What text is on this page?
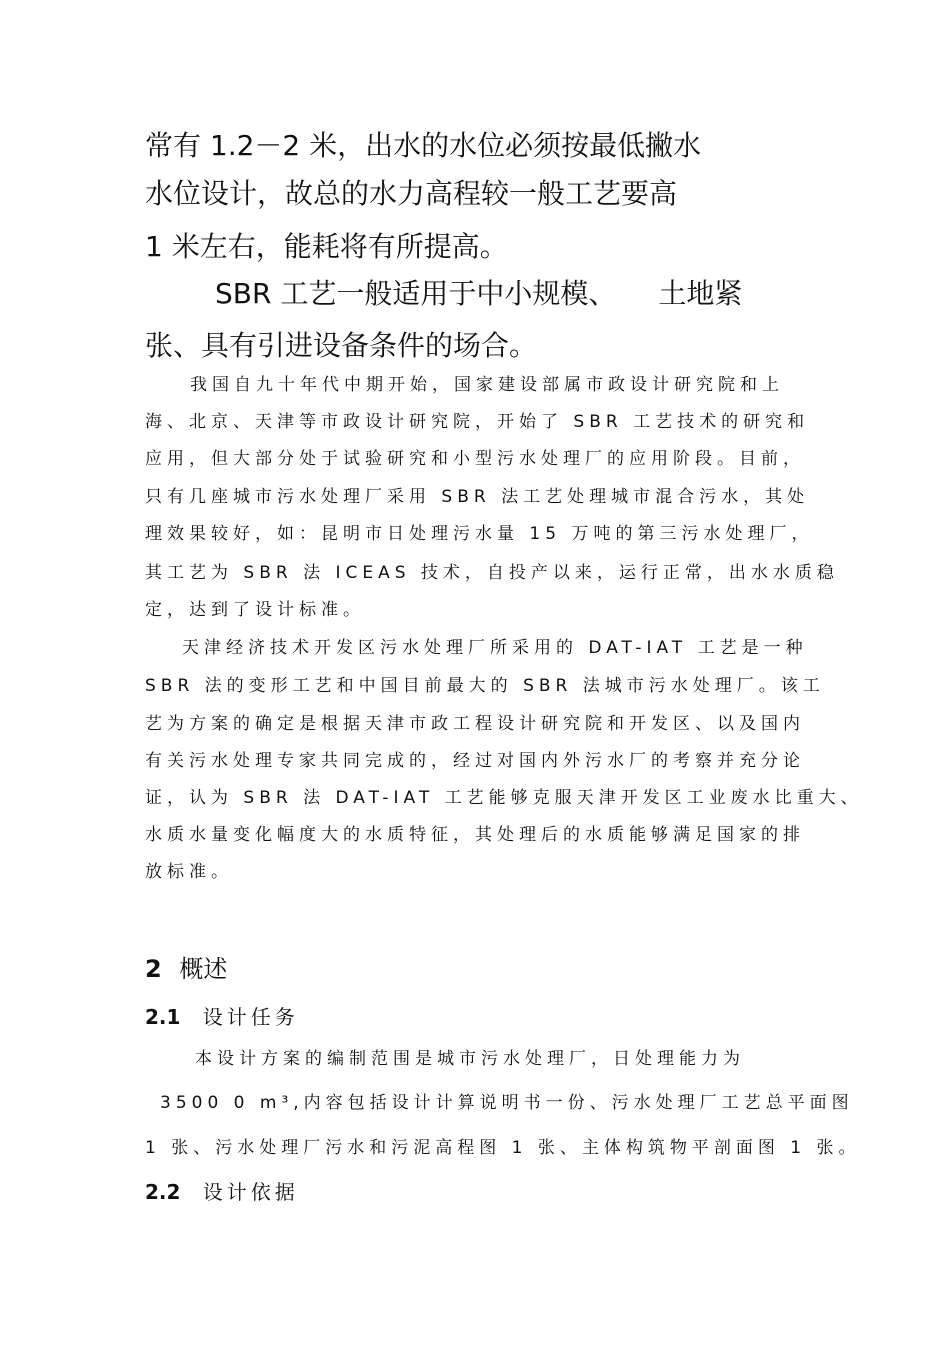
常有 1.2－2 米，出水的水位必须按最低撇水
水位设计，故总的水力高程较一般工艺要高
1 米左右，能耗将有所提高。
SBR 工艺一般适用于中小规模、　　土地紧
张、具有引进设备条件的场合。
我国自九十年代中期开始，国家建设部属市政设计研究院和上
海、北京、天津等市政设计研究院，开始了 SBR 工艺技术的研究和
应用，但大部分处于试验研究和小型污水处理厂的应用阶段。目前，
只有几座城市污水处理厂采用 SBR 法工艺处理城市混合污水，其处
理效果较好，如：昆明市日处理污水量 15 万吨的第三污水处理厂，
其工艺为 SBR 法 ICEAS 技术，自投产以来，运行正常，出水水质稳
定，达到了设计标准。
天津经济技术开发区污水处理厂所采用的 DAT-IAT 工艺是一种
SBR 法的变形工艺和中国目前最大的 SBR 法城市污水处理厂。该工
艺为方案的确定是根据天津市政工程设计研究院和开发区、以及国内
有关污水处理专家共同完成的，经过对国内外污水厂的考察并充分论
证，认为 SBR 法 DAT-IAT 工艺能够克服天津开发区工业废水比重大、
水质水量变化幅度大的水质特征，其处理后的水质能够满足国家的排
放标准。
2 概述
2.1 设计任务
本设计方案的编制范围是城市污水处理厂，日处理能力为
3500 0 m³,内容包括设计计算说明书一份、污水处理厂工艺总平面图
1 张、污水处理厂污水和污泥高程图 1 张、主体构筑物平剖面图 1 张。
2.2 设计依据
